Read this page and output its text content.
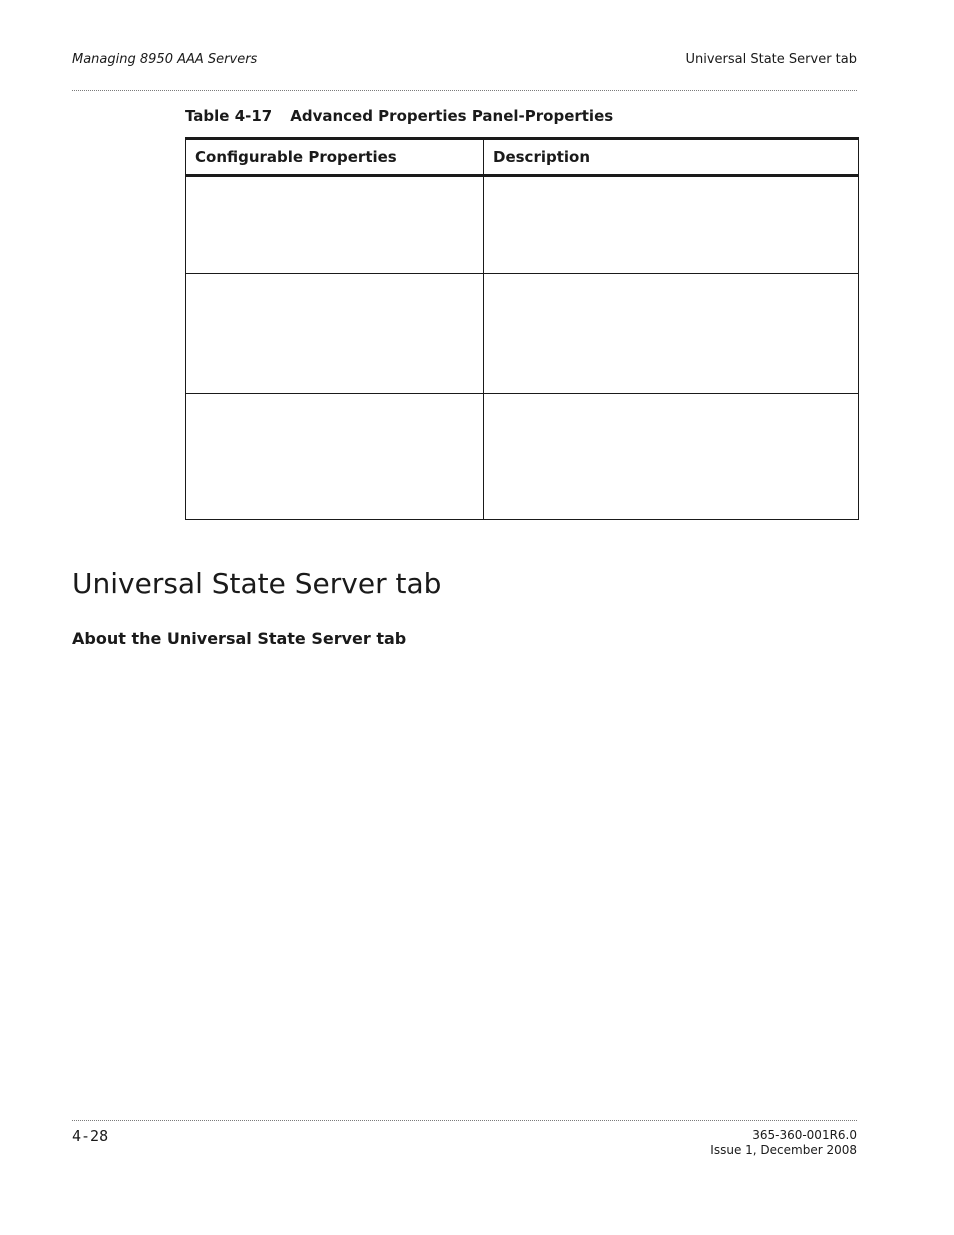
Managing 8950 AAA Servers	Universal State Server tab
Table 4-17 Advanced Properties Panel-Properties
Configurable Properties	Description

Universal State Server tab
About the Universal State Server tab
4-28	365-360-001R6.0
Issue 1, December 2008
